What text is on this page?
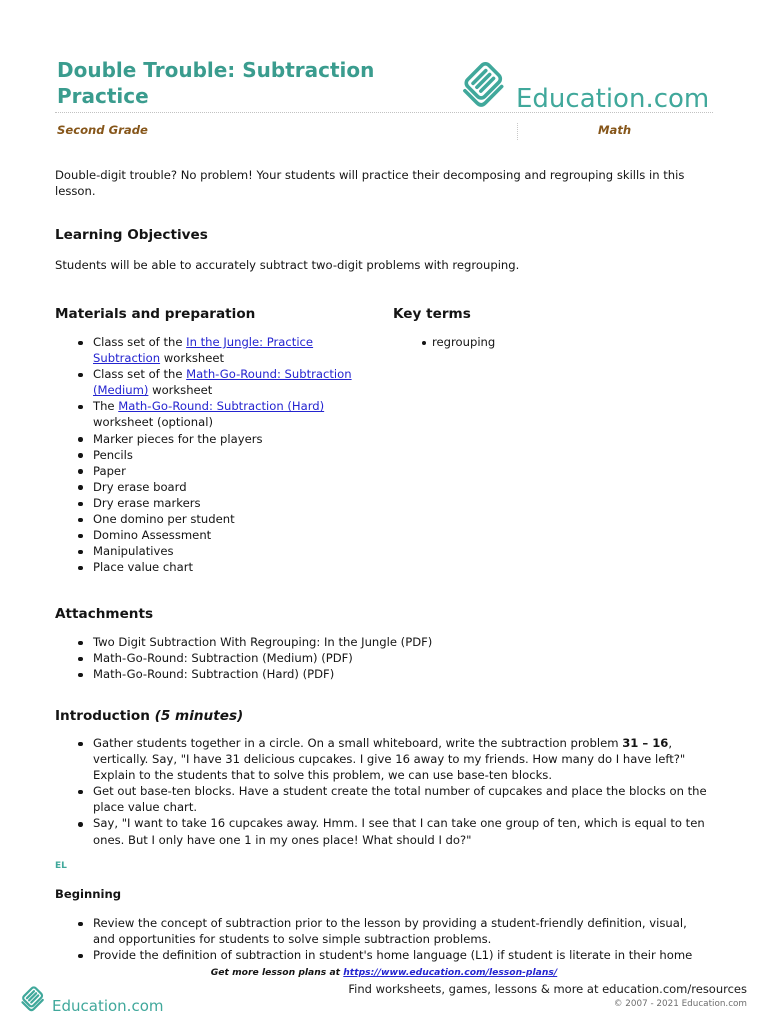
Double Trouble: Subtraction Practice	Education.com
Second Grade	Math
Double-digit trouble? No problem! Your students will practice their decomposing and regrouping skills in this lesson.
Learning Objectives
Students will be able to accurately subtract two-digit problems with regrouping.
Materials and preparation
Class set of the In the Jungle: Practice Subtraction worksheet
Class set of the Math-Go-Round: Subtraction (Medium) worksheet
The Math-Go-Round: Subtraction (Hard) worksheet (optional)
Marker pieces for the players
Pencils
Paper
Dry erase board
Dry erase markers
One domino per student
Domino Assessment
Manipulatives
Place value chart
Key terms
regrouping
Attachments
Two Digit Subtraction With Regrouping: In the Jungle (PDF)
Math-Go-Round: Subtraction (Medium) (PDF)
Math-Go-Round: Subtraction (Hard) (PDF)
Introduction (5 minutes)
Gather students together in a circle. On a small whiteboard, write the subtraction problem 31 – 16,
vertically. Say, "I have 31 delicious cupcakes. I give 16 away to my friends. How many do I have left?"
Explain to the students that to solve this problem, we can use base-ten blocks.
Get out base-ten blocks. Have a student create the total number of cupcakes and place the blocks on the
place value chart.
Say, "I want to take 16 cupcakes away. Hmm. I see that I can take one group of ten, which is equal to ten
ones. But I only have one 1 in my ones place! What should I do?"
EL
Beginning
Review the concept of subtraction prior to the lesson by providing a student-friendly definition, visual,
and opportunities for students to solve simple subtraction problems.
Provide the definition of subtraction in student's home language (L1) if student is literate in their home
Get more lesson plans at https://www.education.com/lesson-plans/
Education.com
Find worksheets, games, lessons & more at education.com/resources
© 2007 - 2021 Education.com
